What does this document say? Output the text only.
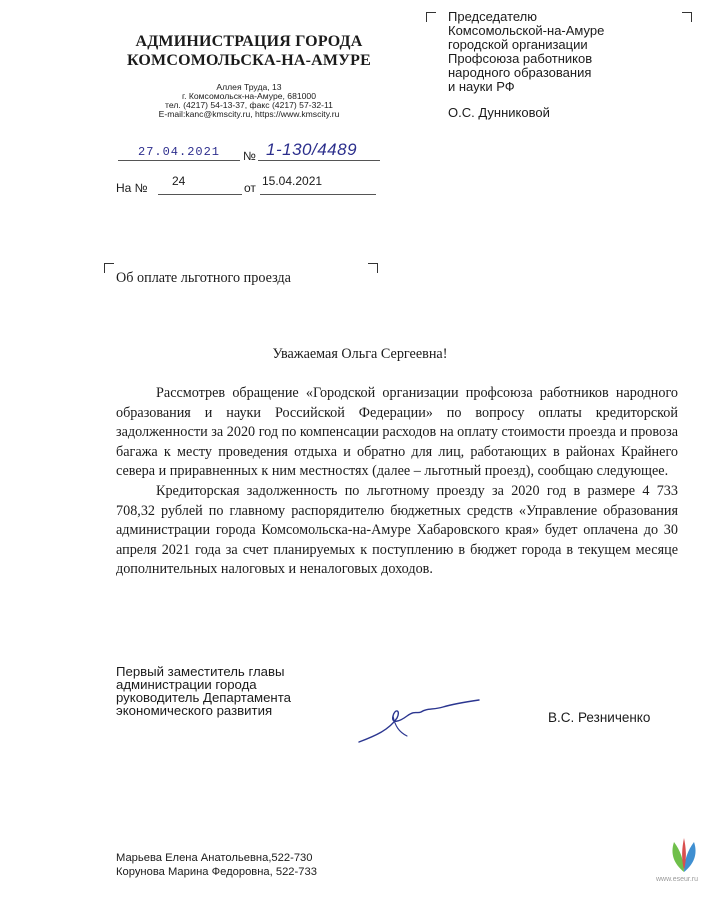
АДМИНИСТРАЦИЯ ГОРОДА
КОМСОМОЛЬСКА-НА-АМУРЕ
Аллея Труда, 13
г. Комсомольск-на-Амуре, 681000
тел. (4217) 54-13-37, факс (4217) 57-32-11
E-mail:kanc@kmscity.ru, https://www.kmscity.ru
Председателю
Комсомольской-на-Амуре
городской организации
Профсоюза работников
народного образования
и науки РФ
О.С. Дунниковой
27.04.2021 № 1-130/4489
На № 24	от 15.04.2021
Об оплате льготного проезда
Уважаемая Ольга Сергеевна!

Рассмотрев обращение «Городской организации профсоюза работников народного образования и науки Российской Федерации» по вопросу оплаты кредиторской задолженности за 2020 год по компенсации расходов на оплату стоимости проезда и провоза багажа к месту проведения отдыха и обратно для лиц, работающих в районах Крайнего севера и приравненных к ним местностях (далее – льготный проезд), сообщаю следующее.

Кредиторская задолженность по льготному проезду за 2020 год в размере 4 733 708,32 рублей по главному распорядителю бюджетных средств «Управление образования администрации города Комсомольска-на-Амуре Хабаровского края» будет оплачена до 30 апреля 2021 года за счет планируемых к поступлению в бюджет города в текущем месяце дополнительных налоговых и неналоговых доходов.

Первый заместитель главы
администрации города
руководитель Департамента
экономического развития	В.С. Резниченко
Марьева Елена Анатольевна,522-730
Корунова Марина Федоровна, 522-733
www.eseur.ru
